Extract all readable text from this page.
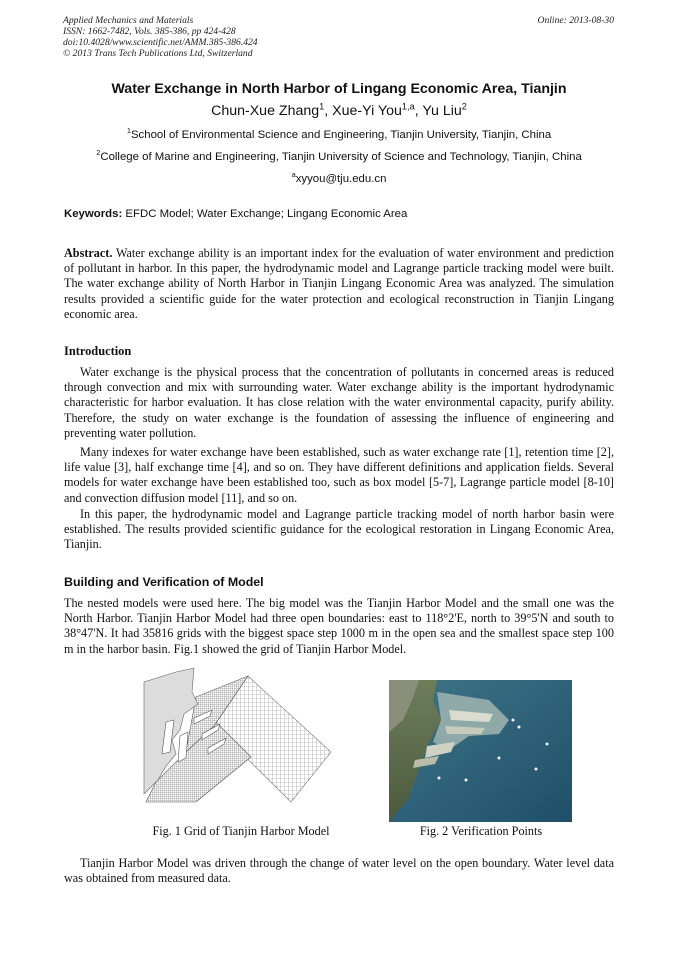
Applied Mechanics and Materials
ISSN: 1662-7482, Vols. 385-386, pp 424-428
doi:10.4028/www.scientific.net/AMM.385-386.424
© 2013 Trans Tech Publications Ltd, Switzerland
Online: 2013-08-30
Water Exchange in North Harbor of Lingang Economic Area, Tianjin
Chun-Xue Zhang$^1$, Xue-Yi You$^{1,a}$, Yu Liu$^2$
$^1$School of Environmental Science and Engineering, Tianjin University, Tianjin, China
$^2$College of Marine and Engineering, Tianjin University of Science and Technology, Tianjin, China
$^a$xyyou@tju.edu.cn
Keywords: EFDC Model; Water Exchange; Lingang Economic Area
Abstract. Water exchange ability is an important index for the evaluation of water environment and prediction of pollutant in harbor. In this paper, the hydrodynamic model and Lagrange particle tracking model were built. The water exchange ability of North Harbor in Tianjin Lingang Economic Area was analyzed. The simulation results provided a scientific guide for the water protection and ecological reconstruction in Tianjin Lingang economic area.
Introduction
Water exchange is the physical process that the concentration of pollutants in concerned areas is reduced through convection and mix with surrounding water. Water exchange ability is the important hydrodynamic characteristic for harbor evaluation. It has close relation with the water environmental capacity, purify ability. Therefore, the study on water exchange is the foundation of assessing the influence of engineering and preventing water pollution.
Many indexes for water exchange have been established, such as water exchange rate [1], retention time [2], life value [3], half exchange time [4], and so on. They have different definitions and application fields. Several models for water exchange have been established too, such as box model [5-7], Lagrange particle model [8-10] and convection diffusion model [11], and so on.
In this paper, the hydrodynamic model and Lagrange particle tracking model of north harbor basin were established. The results provided scientific guidance for the ecological restoration in Lingang Economic Area, Tianjin.
Building and Verification of Model
The nested models were used here. The big model was the Tianjin Harbor Model and the small one was the North Harbor. Tianjin Harbor Model had three open boundaries: east to 118°2'E, north to 39°5'N and south to 38°47'N. It had 35816 grids with the biggest space step 1000 m in the open sea and the smallest space step 100 m in the harbor basin. Fig.1 showed the grid of Tianjin Harbor Model.
Fig. 1 Grid of Tianjin Harbor Model	Fig. 2 Verification Points
Tianjin Harbor Model was driven through the change of water level on the open boundary. Water level data was obtained from measured data.
